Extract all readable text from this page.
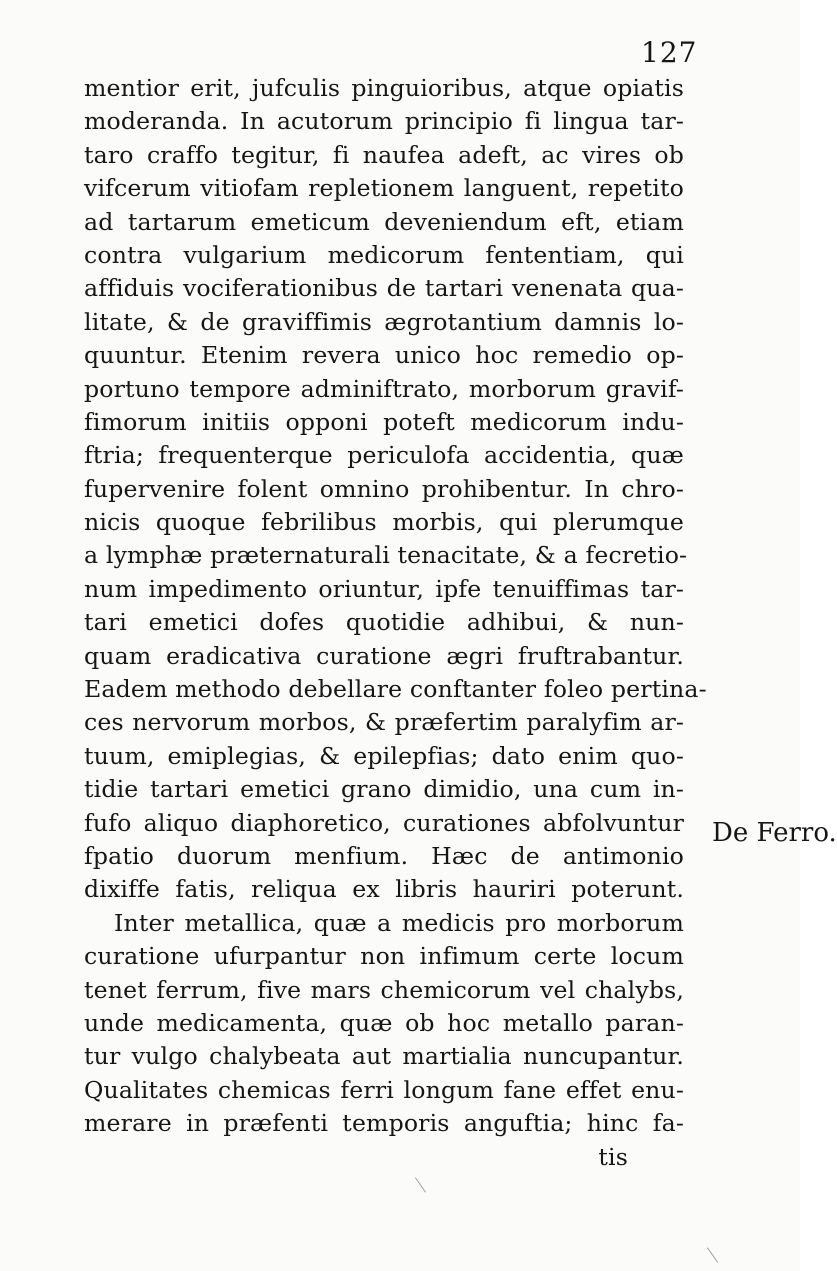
127
mentior erit, jufculis pinguioribus, atque opiatis
moderanda. In acutorum principio fi lingua tar-
taro craffo tegitur, fi naufea adeft, ac vires ob
vifcerum vitiofam repletionem languent, repetito
ad tartarum emeticum deveniendum eft, etiam
contra vulgarium medicorum fententiam, qui
affiduis vociferationibus de tartari venenata qua-
litate, & de graviffimis ægrotantium damnis lo-
quuntur. Etenim revera unico hoc remedio op-
portuno tempore adminiftrato, morborum gravif-
fimorum initiis opponi poteft medicorum indu-
ftria; frequenterque periculofa accidentia, quæ
fupervenire folent omnino prohibentur. In chro-
nicis quoque febrilibus morbis, qui plerumque
a lymphæ præternaturali tenacitate, & a fecretio-
num impedimento oriuntur, ipfe tenuiffimas tar-
tari emetici dofes quotidie adhibui, & nun-
quam eradicativa curatione ægri fruftrabantur.
Eadem methodo debellare conftanter foleo pertina-
ces nervorum morbos, & præfertim paralyfim ar-
tuum, emiplegias, & epilepfias; dato enim quo-
tidie tartari emetici grano dimidio, una cum in-
fufo aliquo diaphoretico, curationes abfolvuntur
fpatio duorum menfium. Hæc de antimonio
dixiffe fatis, reliqua ex libris hauriri poterunt.
Inter metallica, quæ a medicis pro morborum
curatione ufurpantur non infimum certe locum
tenet ferrum, five mars chemicorum vel chalybs,
unde medicamenta, quæ ob hoc metallo paran-
tur vulgo chalybeata aut martialia nuncupantur.
Qualitates chemicas ferri longum fane effet enu-
merare in præfenti temporis anguftia; hinc fa-
tis
De Ferro.
